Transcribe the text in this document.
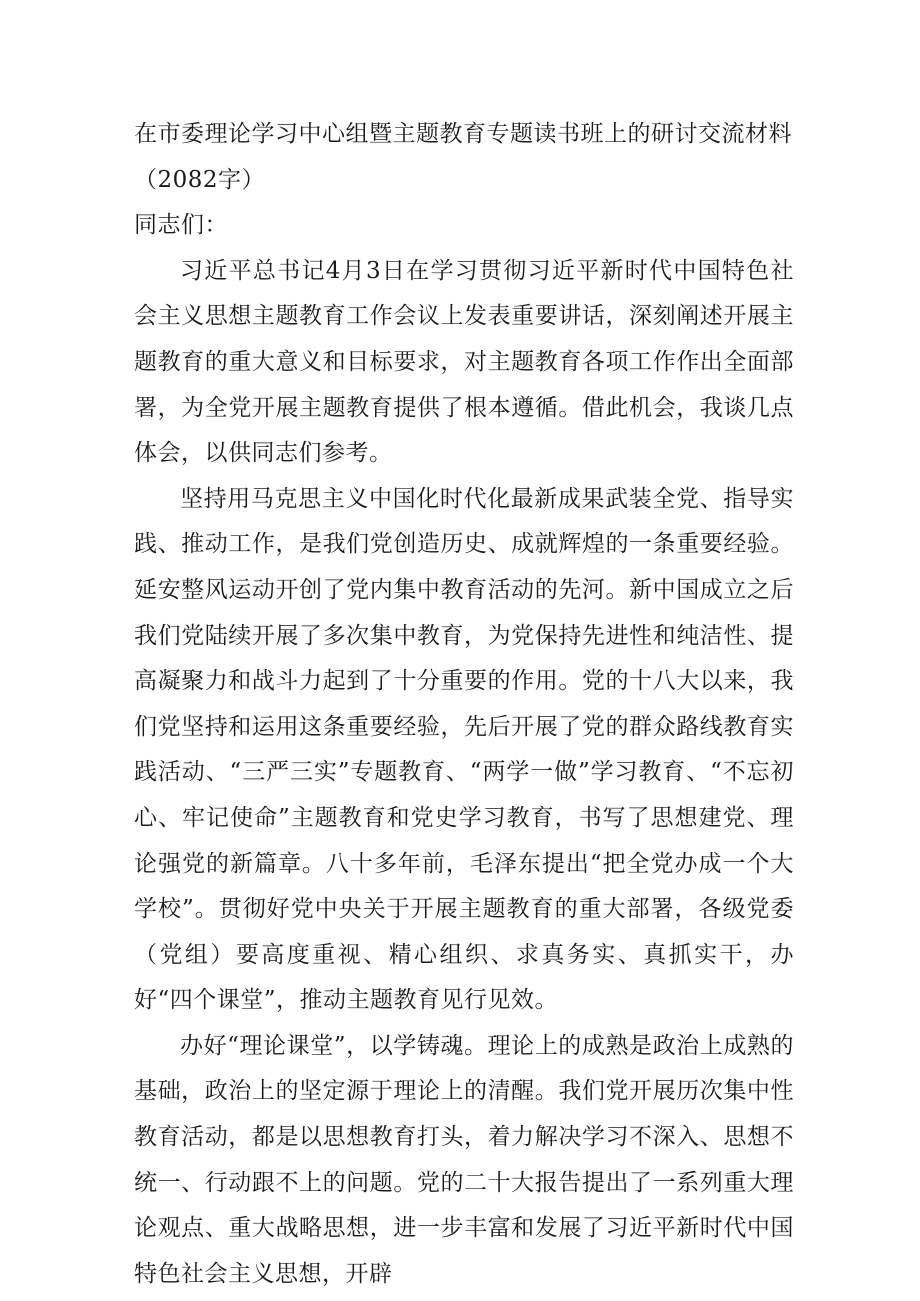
在市委理论学习中心组暨主题教育专题读书班上的研讨交流材料（2082字）

同志们：

习近平总书记4月3日在学习贯彻习近平新时代中国特色社会主义思想主题教育工作会议上发表重要讲话，深刻阐述开展主题教育的重大意义和目标要求，对主题教育各项工作作出全面部署，为全党开展主题教育提供了根本遵循。借此机会，我谈几点体会，以供同志们参考。

坚持用马克思主义中国化时代化最新成果武装全党、指导实践、推动工作，是我们党创造历史、成就辉煌的一条重要经验。延安整风运动开创了党内集中教育活动的先河。新中国成立之后我们党陆续开展了多次集中教育，为党保持先进性和纯洁性、提高凝聚力和战斗力起到了十分重要的作用。党的十八大以来，我们党坚持和运用这条重要经验，先后开展了党的群众路线教育实践活动、“三严三实”专题教育、“两学一做”学习教育、“不忘初心、牢记使命”主题教育和党史学习教育，书写了思想建党、理论强党的新篇章。八十多年前，毛泽东提出“把全党办成一个大学校”。贯彻好党中央关于开展主题教育的重大部署，各级党委（党组）要高度重视、精心组织、求真务实、真抓实干，办好“四个课堂”，推动主题教育见行见效。

办好“理论课堂”，以学铸魂。理论上的成熟是政治上成熟的基础，政治上的坚定源于理论上的清醒。我们党开展历次集中性教育活动，都是以思想教育打头，着力解决学习不深入、思想不统一、行动跟不上的问题。党的二十大报告提出了一系列重大理论观点、重大战略思想，进一步丰富和发展了习近平新时代中国特色社会主义思想，开辟
